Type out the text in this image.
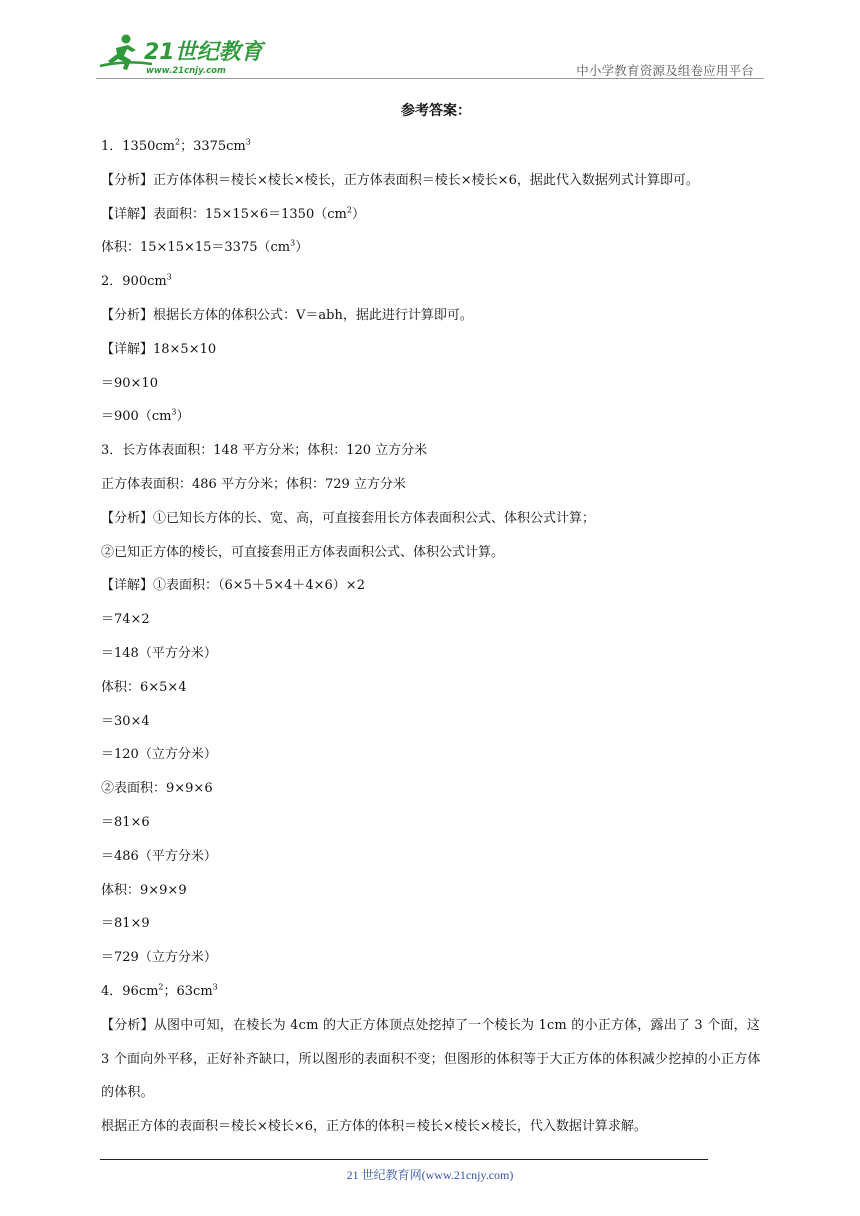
21世纪教育
www.21cnjy.com	中小学教育资源及组卷应用平台
参考答案：
1．$1350cm^2$；$3375cm^3$
【分析】正方体体积＝棱长×棱长×棱长，正方体表面积＝棱长×棱长×6，据此代入数据列式计算即可。
【详解】表面积：$15\times 15\times 6=1350(cm^2)$
体积：$15\times 15\times 15=3375(cm^3)$
2．$900cm^3$
【分析】根据长方体的体积公式：V＝abh，据此进行计算即可。
【详解】18×5×10
＝90×10
$=900(cm^3)$
3．长方体表面积：148 平方分米；体积：120 立方分米
正方体表面积：486 平方分米；体积：729 立方分米
【分析】①已知长方体的长、宽、高，可直接套用长方体表面积公式、体积公式计算；
②已知正方体的棱长，可直接套用正方体表面积公式、体积公式计算。
【详解】①表面积：（6×5＋5×4＋4×6）×2
＝74×2
＝148（平方分米）
体积：6×5×4
＝30×4
＝120（立方分米）
②表面积：9×9×6
＝81×6
＝486（平方分米）
体积：9×9×9
＝81×9
＝729（立方分米）
4．$96cm^2$；$63cm^3$
【分析】从图中可知，在棱长为 4cm 的大正方体顶点处挖掉了一个棱长为 1cm 的小正方体，露出了 3 个面，这 3 个面向外平移，正好补齐缺口，所以图形的表面积不变；但图形的体积等于大正方体的体积减少挖掉的小正方体的体积。
根据正方体的表面积＝棱长×棱长×6，正方体的体积＝棱长×棱长×棱长，代入数据计算求解。
21 世纪教育网(www.21cnjy.com)
